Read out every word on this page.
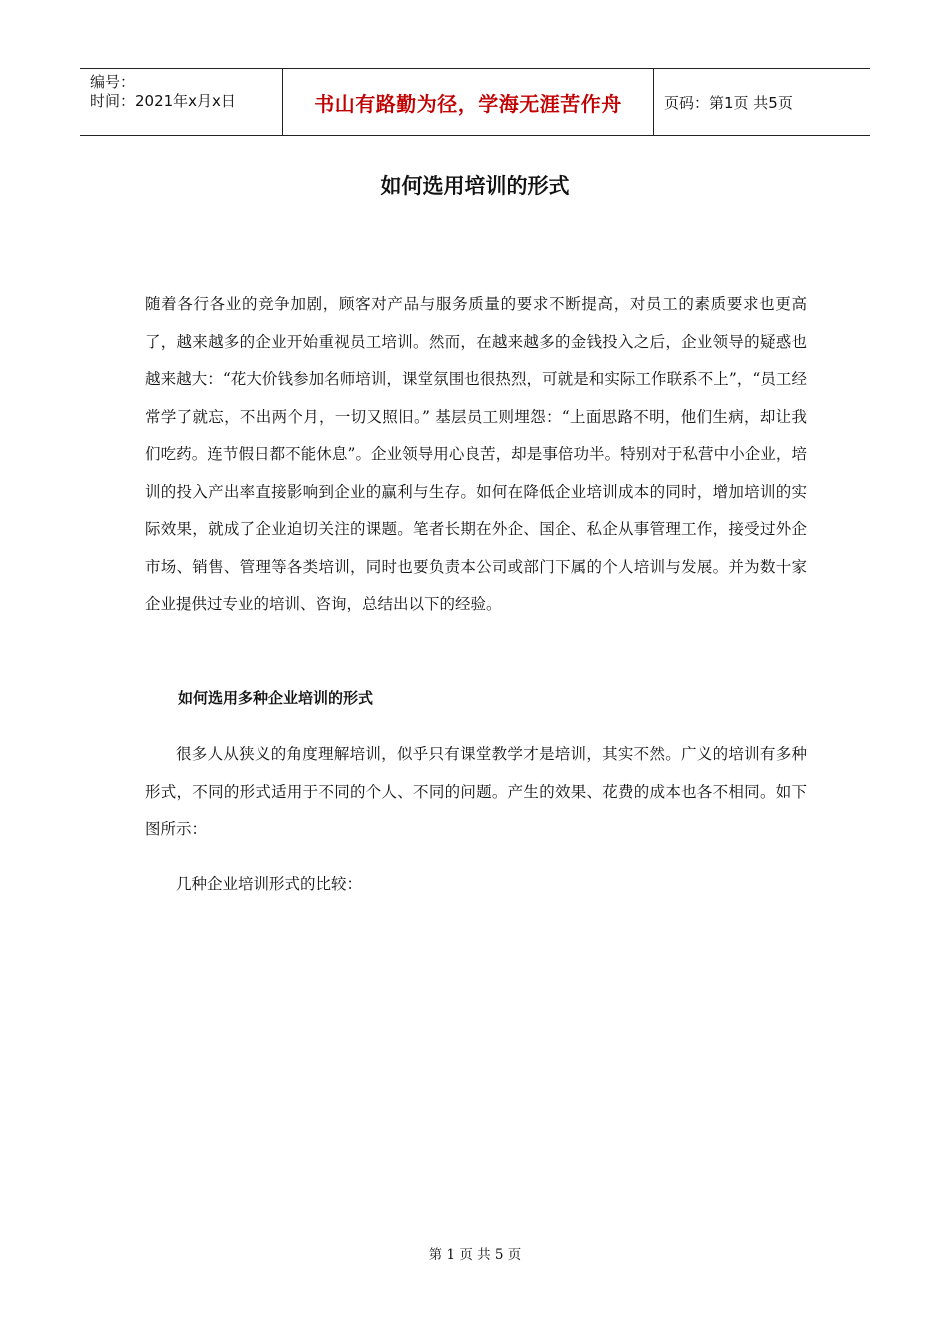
编号：
时间：2021年x月x日	书山有路勤为径，学海无涯苦作舟	页码：第1页 共5页
如何选用培训的形式

随着各行各业的竞争加剧，顾客对产品与服务质量的要求不断提高，对员工的素质要求也更高了，越来越多的企业开始重视员工培训。然而，在越来越多的金钱投入之后，企业领导的疑惑也越来越大：“花大价钱参加名师培训，课堂氛围也很热烈，可就是和实际工作联系不上”，“员工经常学了就忘，不出两个月，一切又照旧。” 基层员工则埋怨：“上面思路不明，他们生病，却让我们吃药。连节假日都不能休息”。企业领导用心良苦，却是事倍功半。特别对于私营中小企业，培训的投入产出率直接影响到企业的赢利与生存。如何在降低企业培训成本的同时，增加培训的实际效果，就成了企业迫切关注的课题。笔者长期在外企、国企、私企从事管理工作，接受过外企市场、销售、管理等各类培训，同时也要负责本公司或部门下属的个人培训与发展。并为数十家企业提供过专业的培训、咨询，总结出以下的经验。

如何选用多种企业培训的形式

很多人从狭义的角度理解培训，似乎只有课堂教学才是培训，其实不然。广义的培训有多种形式，不同的形式适用于不同的个人、不同的问题。产生的效果、花费的成本也各不相同。如下图所示：

几种企业培训形式的比较：

第 1 页 共 5 页
